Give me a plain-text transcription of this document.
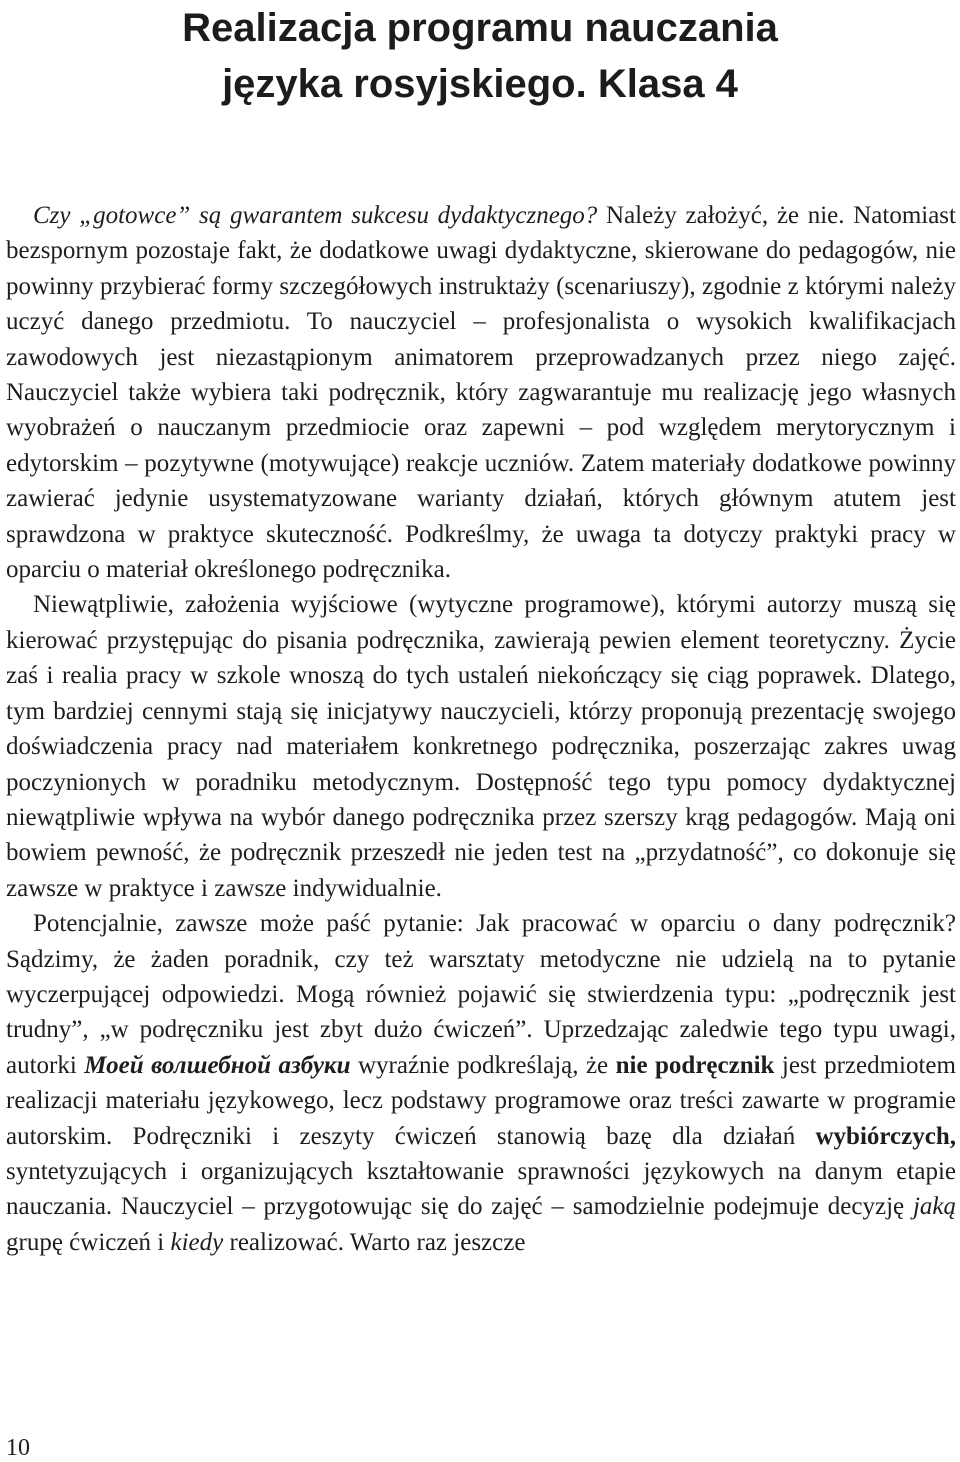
Realizacja programu nauczania
języka rosyjskiego. Klasa 4

Czy „gotowce” są gwarantem sukcesu dydaktycznego? Należy założyć, że nie. Natomiast bezspornym pozostaje fakt, że dodatkowe uwagi dydaktyczne, skierowane do pedagogów, nie powinny przybierać formy szczegółowych instruktaży (scenariuszy), zgodnie z którymi należy uczyć danego przedmiotu. To nauczyciel – profesjonalista o wysokich kwalifikacjach zawodowych jest niezastąpionym animatorem przeprowadzanych przez niego zajęć. Nauczyciel także wybiera taki podręcznik, który zagwarantuje mu realizację jego własnych wyobrażeń o nauczanym przedmiocie oraz zapewni – pod względem merytorycznym i edytorskim – pozytywne (motywujące) reakcje uczniów. Zatem materiały dodatkowe powinny zawierać jedynie usystematyzowane warianty działań, których głównym atutem jest sprawdzona w praktyce skuteczność. Podkreślmy, że uwaga ta dotyczy praktyki pracy w oparciu o materiał określonego podręcznika.

Niewątpliwie, założenia wyjściowe (wytyczne programowe), którymi autorzy muszą się kierować przystępując do pisania podręcznika, zawierają pewien element teoretyczny. Życie zaś i realia pracy w szkole wnoszą do tych ustaleń niekończący się ciąg poprawek. Dlatego, tym bardziej cennymi stają się inicjatywy nauczycieli, którzy proponują prezentację swojego doświadczenia pracy nad materiałem konkretnego podręcznika, poszerzając zakres uwag poczynionych w poradniku metodycznym. Dostępność tego typu pomocy dydaktycznej niewątpliwie wpływa na wybór danego podręcznika przez szerszy krąg pedagogów. Mają oni bowiem pewność, że podręcznik przeszedł nie jeden test na „przydatność”, co dokonuje się zawsze w praktyce i zawsze indywidualnie.

Potencjalnie, zawsze może paść pytanie: Jak pracować w oparciu o dany podręcznik? Sądzimy, że żaden poradnik, czy też warsztaty metodyczne nie udzielą na to pytanie wyczerpującej odpowiedzi. Mogą również pojawić się stwierdzenia typu: „podręcznik jest trudny”, „w podręczniku jest zbyt dużo ćwiczeń”. Uprzedzając zaledwie tego typu uwagi, autorki Моей волшебной азбуки wyraźnie podkreślają, że nie podręcznik jest przedmiotem realizacji materiału językowego, lecz podstawy programowe oraz treści zawarte w programie autorskim. Podręczniki i zeszyty ćwiczeń stanowią bazę dla działań wybiórczych, syntetyzujących i organizujących kształtowanie sprawności językowych na danym etapie nauczania. Nauczyciel – przygotowując się do zajęć – samodzielnie podejmuje decyzję jaką grupę ćwiczeń i kiedy realizować. Warto raz jeszcze

10
